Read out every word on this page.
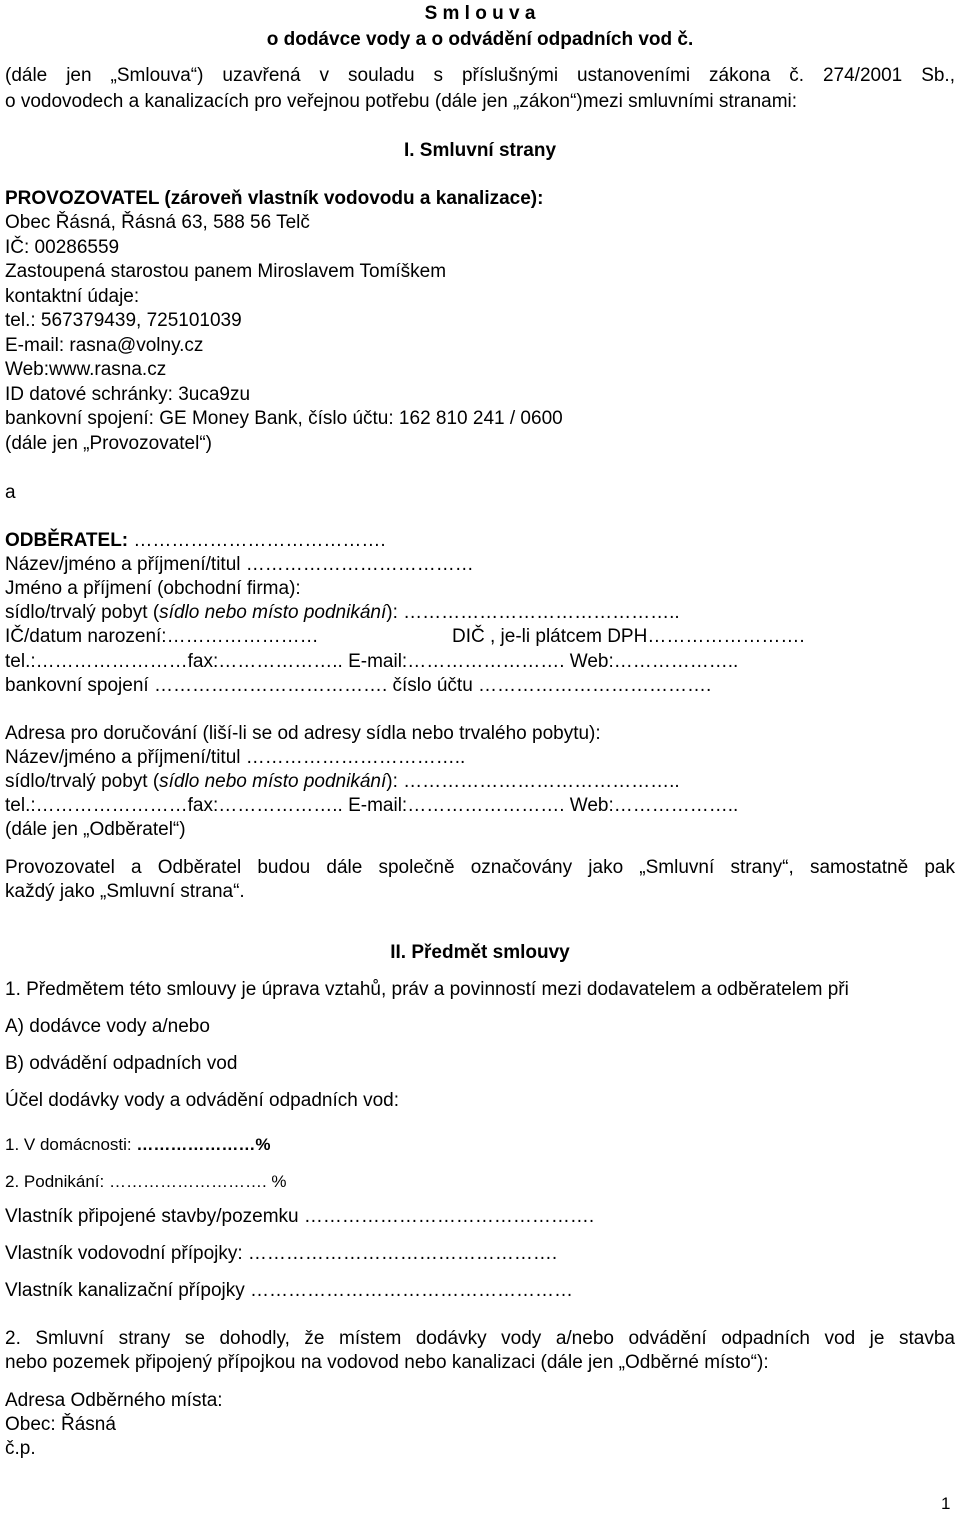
S m l o u v a
o dodávce vody a o odvádění odpadních vod č.
(dále jen „Smlouva“) uzavřená v souladu s příslušnými ustanoveními zákona č. 274/2001 Sb.,
o vodovodech a kanalizacích pro veřejnou potřebu (dále jen „zákon“)mezi smluvními stranami:
I. Smluvní strany
PROVOZOVATEL (zároveň vlastník vodovodu a kanalizace):
Obec Řásná, Řásná 63, 588 56 Telč
IČ: 00286559
Zastoupená starostou panem Miroslavem Tomíškem
kontaktní údaje:
tel.: 567379439, 725101039
E-mail: rasna@volny.cz
Web:www.rasna.cz
ID datové schránky: 3uca9zu
bankovní spojení: GE Money Bank, číslo účtu: 162 810 241 / 0600
(dále jen „Provozovatel“)
a
ODBĚRATEL: ………………………………….
Název/jméno a příjmení/titul ………………………………
Jméno a příjmení (obchodní firma):
sídlo/trvalý pobyt (sídlo nebo místo podnikání): ……………………………………..
IČ/datum narození:……………………	DIČ , je-li plátcem DPH…………………….
tel.:……………………fax:……………….. E-mail:……………………. Web:………………..
bankovní spojení ………………………………. číslo účtu ……………………………….
Adresa pro doručování (liší-li se od adresy sídla nebo trvalého pobytu):
Název/jméno a příjmení/titul ……………………………..
sídlo/trvalý pobyt (sídlo nebo místo podnikání): ……………………………………..
tel.:……………………fax:……………….. E-mail:……………………. Web:………………..
(dále jen „Odběratel“)
Provozovatel a Odběratel budou dále společně označovány jako „Smluvní strany“, samostatně pak
každý jako „Smluvní strana“.
II. Předmět smlouvy
1. Předmětem této smlouvy je úprava vztahů, práv a povinností mezi dodavatelem a odběratelem při
A) dodávce vody a/nebo
B) odvádění odpadních vod
Účel dodávky vody a odvádění odpadních vod:
1. V domácnosti: …………………%
2. Podnikání: ………………………. %
Vlastník připojené stavby/pozemku ……………………………………….
Vlastník vodovodní přípojky: ………………………………………….
Vlastník kanalizační přípojky ……………………………………………
2. Smluvní strany se dohodly, že místem dodávky vody a/nebo odvádění odpadních vod je stavba
nebo pozemek připojený přípojkou na vodovod nebo kanalizaci (dále jen „Odběrné místo“):
Adresa Odběrného místa:
Obec: Řásná
č.p.
1
